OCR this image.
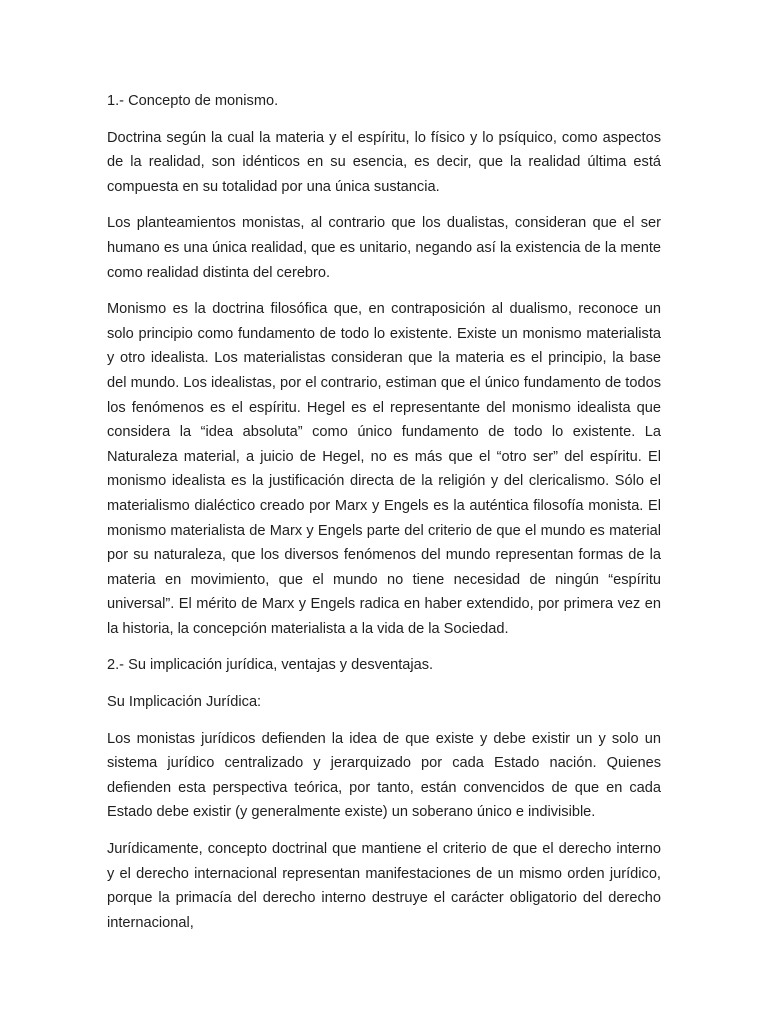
1.- Concepto de monismo.

Doctrina según la cual la materia y el espíritu, lo físico y lo psíquico, como aspectos de la realidad, son idénticos en su esencia, es decir, que la realidad última está compuesta en su totalidad por una única sustancia.

Los planteamientos monistas, al contrario que los dualistas, consideran que el ser humano es una única realidad, que es unitario, negando así la existencia de la mente como realidad distinta del cerebro.

Monismo es la doctrina filosófica que, en contraposición al dualismo, reconoce un solo principio como fundamento de todo lo existente. Existe un monismo materialista y otro idealista. Los materialistas consideran que la materia es el principio, la base del mundo. Los idealistas, por el contrario, estiman que el único fundamento de todos los fenómenos es el espíritu. Hegel es el representante del monismo idealista que considera la “idea absoluta” como único fundamento de todo lo existente. La Naturaleza material, a juicio de Hegel, no es más que el “otro ser” del espíritu. El monismo idealista es la justificación directa de la religión y del clericalismo. Sólo el materialismo dialéctico creado por Marx y Engels es la auténtica filosofía monista. El monismo materialista de Marx y Engels parte del criterio de que el mundo es material por su naturaleza, que los diversos fenómenos del mundo representan formas de la materia en movimiento, que el mundo no tiene necesidad de ningún “espíritu universal”. El mérito de Marx y Engels radica en haber extendido, por primera vez en la historia, la concepción materialista a la vida de la Sociedad.

2.- Su implicación jurídica, ventajas y desventajas.
Su Implicación Jurídica:

Los monistas jurídicos defienden la idea de que existe y debe existir un y solo un sistema jurídico centralizado y jerarquizado por cada Estado nación. Quienes defienden esta perspectiva teórica, por tanto, están convencidos de que en cada Estado debe existir (y generalmente existe) un soberano único e indivisible.

Jurídicamente, concepto doctrinal que mantiene el criterio de que el derecho interno y el derecho internacional representan manifestaciones de un mismo orden jurídico, porque la primacía del derecho interno destruye el carácter obligatorio del derecho internacional,
